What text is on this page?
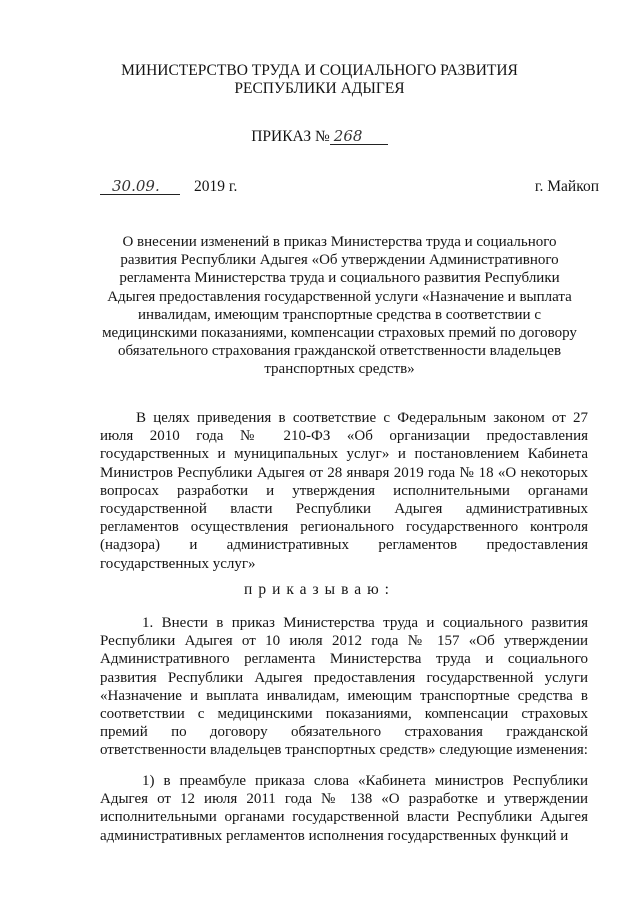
МИНИСТЕРСТВО ТРУДА И СОЦИАЛЬНОГО РАЗВИТИЯ
РЕСПУБЛИКИ АДЫГЕЯ
ПРИКАЗ № 268
30.09. 2019 г.	г. Майкоп
О внесении изменений в приказ Министерства труда и социального развития Республики Адыгея «Об утверждении Административного регламента Министерства труда и социального развития Республики Адыгея предоставления государственной услуги «Назначение и выплата инвалидам, имеющим транспортные средства в соответствии с медицинскими показаниями, компенсации страховых премий по договору обязательного страхования гражданской ответственности владельцев транспортных средств»
В целях приведения в соответствие с Федеральным законом от 27 июля 2010 года № 210-ФЗ «Об организации предоставления государственных и муниципальных услуг» и постановлением Кабинета Министров Республики Адыгея от 28 января 2019 года № 18 «О некоторых вопросах разработки и утверждения исполнительными органами государственной власти Республики Адыгея административных регламентов осуществления регионального государственного контроля (надзора) и административных регламентов предоставления государственных услуг»
приказываю:
1. Внести в приказ Министерства труда и социального развития Республики Адыгея от 10 июля 2012 года № 157 «Об утверждении Административного регламента Министерства труда и социального развития Республики Адыгея предоставления государственной услуги «Назначение и выплата инвалидам, имеющим транспортные средства в соответствии с медицинскими показаниями, компенсации страховых премий по договору обязательного страхования гражданской ответственности владельцев транспортных средств» следующие изменения:
1) в преамбуле приказа слова «Кабинета министров Республики Адыгея от 12 июля 2011 года № 138 «О разработке и утверждении исполнительными органами государственной власти Республики Адыгея административных регламентов исполнения государственных функций и
